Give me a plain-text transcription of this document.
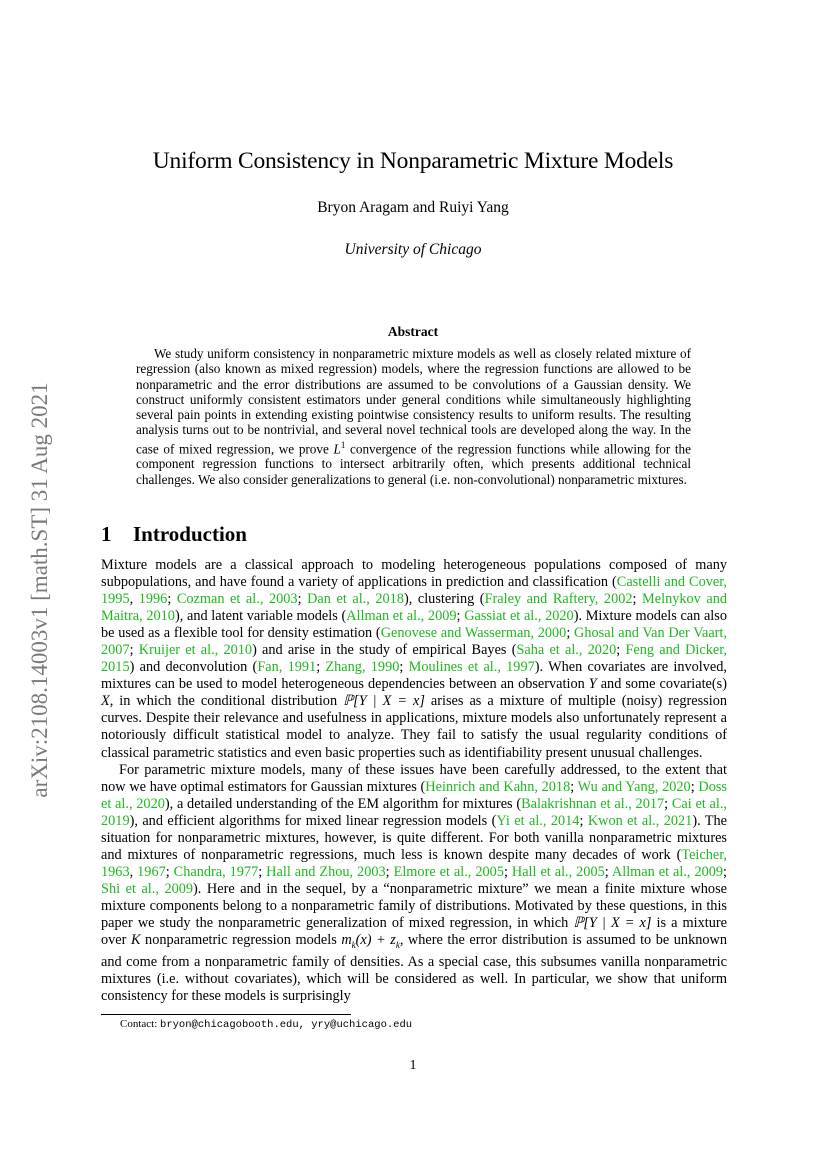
arXiv:2108.14003v1 [math.ST] 31 Aug 2021
Uniform Consistency in Nonparametric Mixture Models
Bryon Aragam and Ruiyi Yang
University of Chicago
Abstract
We study uniform consistency in nonparametric mixture models as well as closely related mixture of regression (also known as mixed regression) models, where the regression functions are allowed to be nonparametric and the error distributions are assumed to be convolutions of a Gaussian density. We construct uniformly consistent estimators under general conditions while simultaneously highlighting several pain points in extending existing pointwise consistency results to uniform results. The resulting analysis turns out to be nontrivial, and several novel technical tools are developed along the way. In the case of mixed regression, we prove $L^1$ convergence of the regression functions while allowing for the component regression functions to intersect arbitrarily often, which presents additional technical challenges. We also consider generalizations to general (i.e. non-convolutional) nonparametric mixtures.
1 Introduction

Mixture models are a classical approach to modeling heterogeneous populations composed of many subpopulations, and have found a variety of applications in prediction and classification (Castelli and Cover, 1995, 1996; Cozman et al., 2003; Dan et al., 2018), clustering (Fraley and Raftery, 2002; Melnykov and Maitra, 2010), and latent variable models (Allman et al., 2009; Gassiat et al., 2020). Mixture models can also be used as a flexible tool for density estimation (Genovese and Wasserman, 2000; Ghosal and Van Der Vaart, 2007; Kruijer et al., 2010) and arise in the study of empirical Bayes (Saha et al., 2020; Feng and Dicker, 2015) and deconvolution (Fan, 1991; Zhang, 1990; Moulines et al., 1997). When covariates are involved, mixtures can be used to model heterogeneous dependencies between an observation Y and some covariate(s) X, in which the conditional distribution ℙ[Y | X = x] arises as a mixture of multiple (noisy) regression curves. Despite their relevance and usefulness in applications, mixture models also unfortunately represent a notoriously difficult statistical model to analyze. They fail to satisfy the usual regularity conditions of classical parametric statistics and even basic properties such as identifiability present unusual challenges.

For parametric mixture models, many of these issues have been carefully addressed, to the extent that now we have optimal estimators for Gaussian mixtures (Heinrich and Kahn, 2018; Wu and Yang, 2020; Doss et al., 2020), a detailed understanding of the EM algorithm for mixtures (Balakrishnan et al., 2017; Cai et al., 2019), and efficient algorithms for mixed linear regression models (Yi et al., 2014; Kwon et al., 2021). The situation for nonparametric mixtures, however, is quite different. For both vanilla nonparametric mixtures and mixtures of nonparametric regressions, much less is known despite many decades of work (Teicher, 1963, 1967; Chandra, 1977; Hall and Zhou, 2003; Elmore et al., 2005; Hall et al., 2005; Allman et al., 2009; Shi et al., 2009). Here and in the sequel, by a “nonparametric mixture” we mean a finite mixture whose mixture components belong to a nonparametric family of distributions. Motivated by these questions, in this paper we study the nonparametric generalization of mixed regression, in which ℙ[Y | X = x] is a mixture over K nonparametric regression models $m_k(x) + z_k$, where the error distribution is assumed to be unknown and come from a nonparametric family of densities. As a special case, this subsumes vanilla nonparametric mixtures (i.e. without covariates), which will be considered as well. In particular, we show that uniform consistency for these models is surprisingly

Contact: bryon@chicagobooth.edu, yry@uchicago.edu
1
